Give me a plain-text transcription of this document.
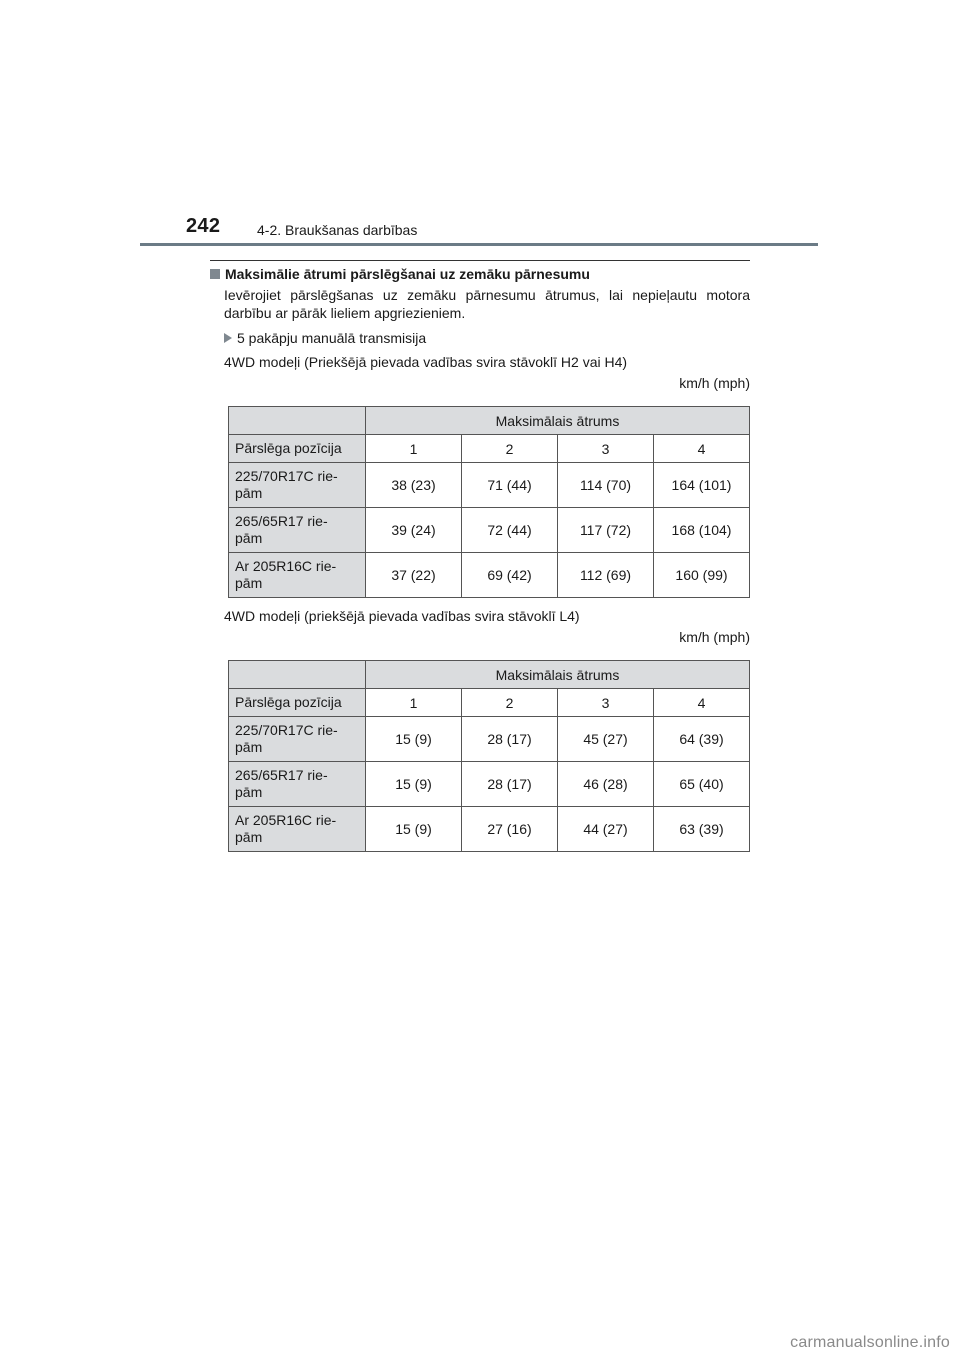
242	4-2. Braukšanas darbības
Maksimālie ātrumi pārslēgšanai uz zemāku pārnesumu
Ievērojiet pārslēgšanas uz zemāku pārnesumu ātrumus, lai nepieļautu motora darbību ar pārāk lieliem apgriezieniem.
5 pakāpju manuālā transmisija
4WD modeļi (Priekšējā pievada vadības svira stāvoklī H2 vai H4)
km/h (mph)
	Maksimālais ātrums			
Pārslēga pozīcija	1	2	3	4

225/70R17C rie-
pām	38 (23)	71 (44)	114 (70)	164 (101)

265/65R17 rie-
pām	39 (24)	72 (44)	117 (72)	168 (104)

Ar 205R16C rie-
pām	37 (22)	69 (42)	112 (69)	160 (99)
4WD modeļi (priekšējā pievada vadības svira stāvoklī L4)
km/h (mph)
	Maksimālais ātrums			
Pārslēga pozīcija	1	2	3	4

225/70R17C rie-
pām	15 (9)	28 (17)	45 (27)	64 (39)

265/65R17 rie-
pām	15 (9)	28 (17)	46 (28)	65 (40)

Ar 205R16C rie-
pām	15 (9)	27 (16)	44 (27)	63 (39)
carmanualsonline.info
